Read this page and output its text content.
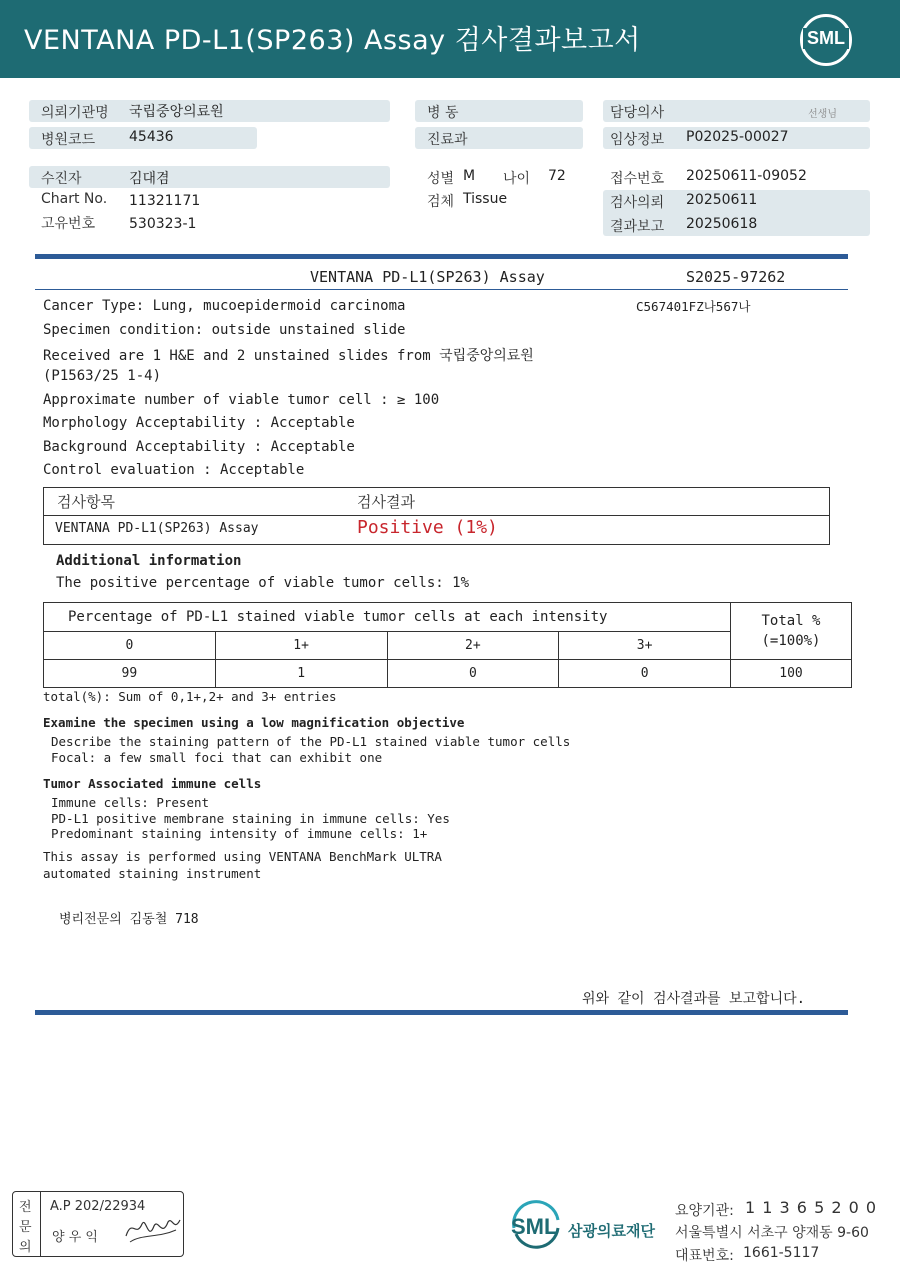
VENTANA PD-L1(SP263) Assay 검사결과보고서	SML
의뢰기관명 국립중앙의료원
병원코드 45436
병 동
진료과
담당의사	선생님
임상정보 P02025-00027
수진자	김대겸
Chart No. 11321171
고유번호 530323-1
성별 M 나이 72
검체 Tissue
접수번호 20250611-09052
검사의뢰 20250611
결과보고 20250618
VENTANA PD-L1(SP263) Assay	S2025-97262
C567401FZ나567나
Cancer Type: Lung, mucoepidermoid carcinoma
Specimen condition: outside unstained slide
Received are 1 H&E and 2 unstained slides from 국립중앙의료원
(P1563/25 1-4)
Approximate number of viable tumor cell : ≥ 100
Morphology Acceptability : Acceptable
Background Acceptability : Acceptable
Control evaluation : Acceptable
검사항목	검사결과
VENTANA PD-L1(SP263) Assay	Positive (1%)
Additional information
The positive percentage of viable tumor cells: 1%
Percentage of PD-L1 stained viable tumor cells at each intensity				Total %
(=100%)
0	1+	2+	3+	
99	1	0	0	100
total(%): Sum of 0,1+,2+ and 3+ entries
Examine the specimen using a low magnification objective
Describe the staining pattern of the PD-L1 stained viable tumor cells
Focal: a few small foci that can exhibit one
Tumor Associated immune cells
Immune cells: Present
PD-L1 positive membrane staining in immune cells: Yes
Predominant staining intensity of immune cells: 1+
This assay is performed using VENTANA BenchMark ULTRA
automated staining instrument
병리전문의 김동철 718
위와 같이 검사결과를 보고합니다.
전
문
의
A.P 202/22934
양 우 익	SML 삼광의료재단
요양기관: 1 1 3 6 5 2 0 0
서울특별시 서초구 양재동 9-60
대표번호: 1661-5117
